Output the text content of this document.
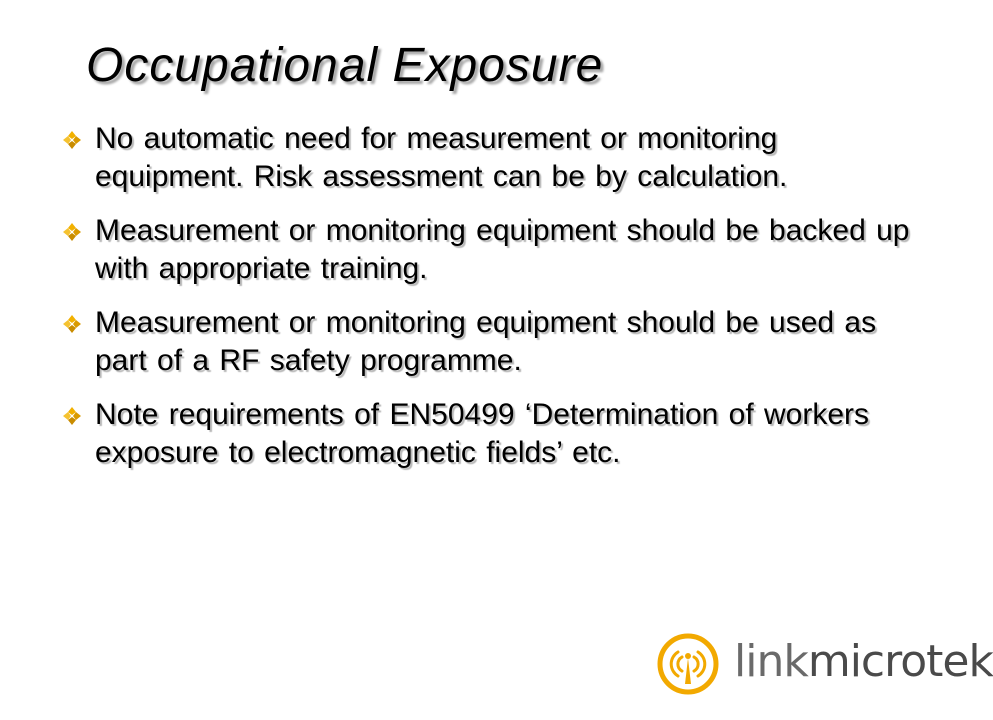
Occupational Exposure
No automatic need for measurement or monitoring equipment. Risk assessment can be by calculation.
Measurement or monitoring equipment should be backed up with appropriate training.
Measurement or monitoring equipment should be used as part of a RF safety programme.
Note requirements of EN50499 ‘Determination of workers exposure to electromagnetic fields’ etc.
linkmicrotek
